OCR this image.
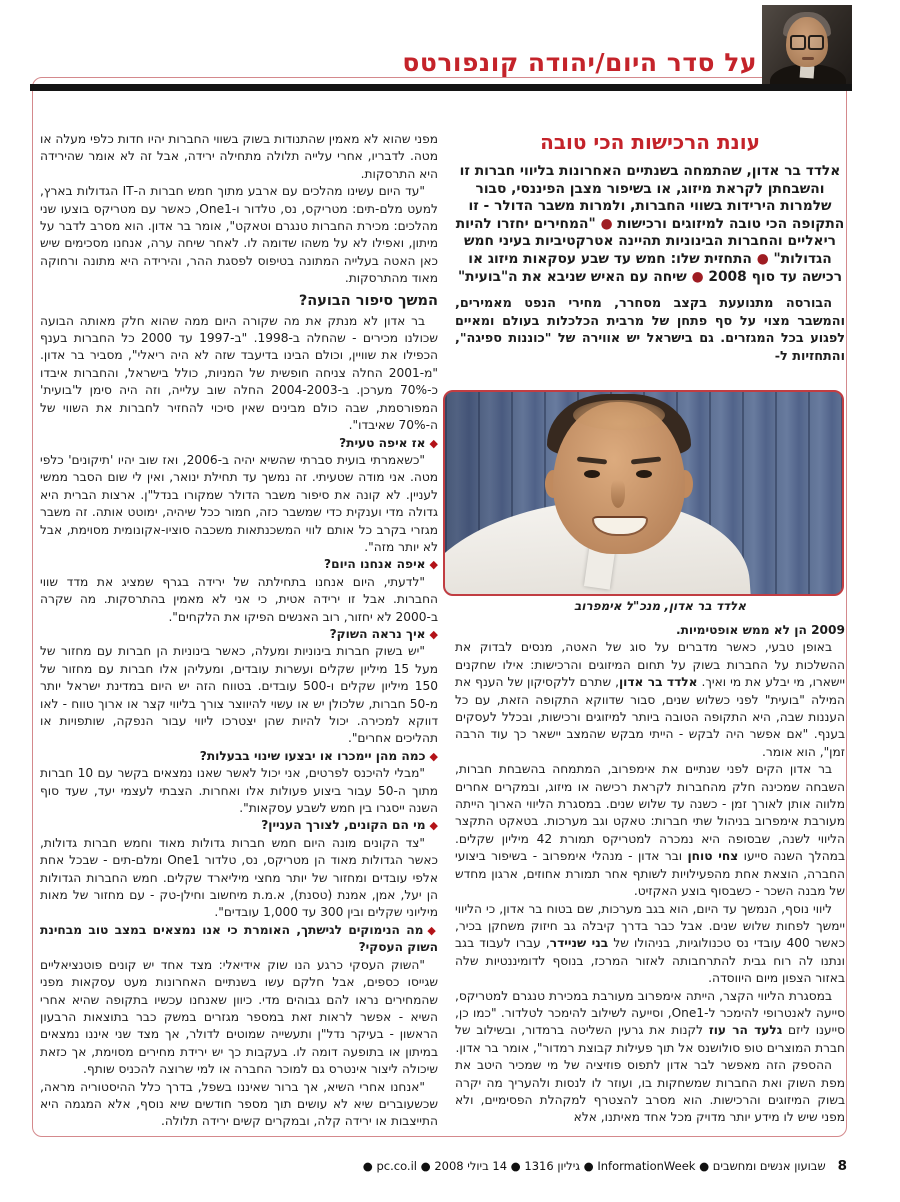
על סדר היום/יהודה קונפורטס
עונת הרכישות הכי טובה

אלדד בר אדון, שהתמחה בשנתיים האחרונות בליווי חברות זו והשבחתן לקראת מיזוג, או בשיפור מצבן הפיננסי, סבור שלמרות הירידות בשווי החברות, ולמרות משבר הדולר - זו התקופה הכי טובה למיזוגים ורכישות ● "המחירים יחזרו להיות ריאליים והחברות הבינוניות תהיינה אטרקטיביות בעיני חמש הגדולות" ● התחזית שלו: חמש עד שבע עסקאות מיזוג או רכישה עד סוף 2008 ● שיחה עם האיש שניבא את ה"בועית"

הבורסה מתנועעת בקצב מסחרר, מחירי הנפט מאמירים, והמשבר מצוי על סף פתחן של מרבית הכלכלות בעולם ומאיים לפגוע בכל המגזרים. גם בישראל יש אווירה של "כוננות ספיגה", והתחזיות ל-

אלדד בר אדון, מנכ"ל אימפרוב

2009 הן לא ממש אופטימיות.

באופן טבעי, כאשר מדברים על סוג של האטה, מנסים לבדוק את ההשלכות על החברות בשוק על תחום המיזוגים והרכישות: אילו שחקנים יישארו, מי יבלע את מי ואיך. אלדד בר אדון, שתרם ללקסיקון של הענף את המילה "בועית" לפני כשלוש שנים, סבור שדווקא התקופה הזאת, עם כל העננות שבה, היא התקופה הטובה ביותר למיזוגים ורכישות, ובכלל לעסקים בענף. "אם אפשר היה לבקש - הייתי מבקש שהמצב יישאר כך עוד הרבה זמן", הוא אומר.

בר אדון הקים לפני שנתיים את אימפרוב, המתמחה בהשבחת חברות, השבחה שמכינה חלק מהחברות לקראת רכישה או מיזוג, ובמקרים אחרים מלווה אותן לאורך זמן - כשנה עד שלוש שנים. במסגרת הליווי הארוך הייתה מעורבת אימפרוב בניהול שתי חברות: טאקט וגב מערכות. בטאקט התקצר הליווי לשנה, שבסופה היא נמכרה למטריקס תמורת 42 מיליון שקלים. במהלך השנה סייעו צחי טוחן ובר אדון - מנהלי אימפרוב - בשיפור ביצועי החברה, הוצאת אחת מהפעילויות לשותף אחר תמורת אחוזים, ארגון מחדש של מבנה השכר - כשבסוף בוצע האקזיט.

ליווי נוסף, הנמשך עד היום, הוא בגב מערכות, שם בטוח בר אדון, כי הליווי יימשך לפחות שלוש שנים. אבל כבר בדרך קיבלה גב חיזוק משחקן בכיר, כאשר 400 עובדי נס טכנולוגיות, בניהולו של בני שניידר, עברו לעבוד בגב ונתנו לה רוח גבית להתרחבותה לאזור המרכז, בנוסף לדומיננטיות שלה באזור הצפון מיום היווסדה.

במסגרת הליווי הקצר, הייתה אימפרוב מעורבת במכירת טנגרם למטריקס, סייעה לאנטרופי להימכר ל-One1, וסייעה לשילוב להימכר לטלדור. "כמו כן, סייענו ליזם גלעד הר עוז לקנות את גרעין השליטה ברמדור, ובשילוב של חברת המוצרים טופ סולושנס אל תוך פעילות קבוצת רמדור", אומר בר אדון.

ההספק הזה מאפשר לבר אדון לתפוס פוזיציה של מי שמכיר היטב את מפת השוק ואת החברות שמשחקות בו, ועוזר לו לנסות ולהעריך מה יקרה בשוק המיזוגים והרכישות. הוא מסרב להצטרף למקהלת הפסימיים, ולא מפני שיש לו מידע יותר מדויק מכל אחד מאיתנו, אלא

מפני שהוא לא מאמין שהתנודות בשוק בשווי החברות יהיו חדות כלפי מעלה או מטה. לדבריו, אחרי עלייה תלולה מתחילה ירידה, אבל זה לא אומר שהירידה היא התרסקות.

"עד היום עשינו מהלכים עם ארבע מתוך חמש חברות ה-IT הגדולות בארץ, למעט מלם-תים: מטריקס, נס, טלדור ו-One1, כאשר עם מטריקס בוצעו שני מהלכים: מכירת החברות טנגרם וטאקט", אומר בר אדון. הוא מסרב לדבר על מיתון, ואפילו לא על משהו שדומה לו. לאחר שיחה ערה, אנחנו מסכימים שיש כאן האטה בעלייה המתונה בטיפוס לפסגת ההר, והירידה היא מתונה ורחוקה מאוד מהתרסקות.

המשך סיפור הבועה?

בר אדון לא מנתק את מה שקורה היום ממה שהוא חלק מאותה הבועה שכולנו מכירים - שהחלה ב-1998. "ב-1997 עד 2000 כל החברות בענף הכפילו את שוויין, וכולם הבינו בדיעבד שזה לא היה ריאלי", מסביר בר אדון. "מ-2001 החלה צניחה חופשית של המניות, כולל בישראל, והחברות איבדו כ-70% מערכן. ב-2004-2003 החלה שוב עלייה, וזה היה סימן ל'בועית' המפורסמת, שבה כולם מבינים שאין סיכוי להחזיר לחברות את השווי של ה-70% שאיבדו".

◆אז איפה טעית?

"כשאמרתי בועית סברתי שהשיא יהיה ב-2006, ואז שוב יהיו 'תיקונים' כלפי מטה. אני מודה שטעיתי. זה נמשך עד תחילת ינואר, ואין לי שום הסבר ממשי לעניין. לא קונה את סיפור משבר הדולר שמקורו בנדל"ן. ארצות הברית היא גדולה מדי וענקית כדי שמשבר כזה, חמור ככל שיהיה, ימוטט אותה. זה משבר מגזרי בקרב כל אותם לווי המשכנתאות משכבה סוציו-אקונומית מסוימת, אבל לא יותר מזה".

◆איפה אנחנו היום?

"לדעתי, היום אנחנו בתחילתה של ירידה בגרף שמציג את מדד שווי החברות. אבל זו ירידה אטית, כי אני לא מאמין בהתרסקות. מה שקרה ב-2000 לא יחזור, רוב האנשים הפיקו את הלקחים".

◆איך נראה השוק?

"יש בשוק חברות בינוניות ומעלה, כאשר בינוניות הן חברות עם מחזור של מעל 15 מיליון שקלים ועשרות עובדים, ומעליהן אלו חברות עם מחזור של 150 מיליון שקלים ו-500 עובדים. בטווח הזה יש היום במדינת ישראל יותר מ-50 חברות, שלכולן יש או עשוי להיווצר צורך בליווי קצר או ארוך טווח - לאו דווקא למכירה. יכול להיות שהן יצטרכו ליווי עבור הנפקה, שותפויות או תהליכים אחרים".

◆כמה מהן יימכרו או יבצעו שינוי בבעלות?

"מבלי להיכנס לפרטים, אני יכול לאשר שאנו נמצאים בקשר עם 10 חברות מתוך ה-50 עבור ביצוע פעולות אלו ואחרות. הצבתי לעצמי יעד, שעד סוף השנה ייסגרו בין חמש לשבע עסקאות".

◆מי הם הקונים, לצורך העניין?

"צד הקונים מונה היום חמש חברות גדולות מאוד וחמש חברות גדולות, כאשר הגדולות מאוד הן מטריקס, נס, טלדור One1 ומלם-תים - שבכל אחת אלפי עובדים ומחזור של יותר מחצי מיליארד שקלים. חמש החברות הגדולות הן יעל, אמן, אמנת (טסנת), א.מ.ת מיחשוב וחילן-טק - עם מחזור של מאות מיליוני שקלים ובין 300 עד 1,000 עובדים".

◆מה הנימוקים לגישתך, האומרת כי אנו נמצאים במצב טוב מבחינת השוק העסקי?

"השוק העסקי כרגע הנו שוק אידיאלי: מצד אחד יש קונים פוטנציאליים שגייסו כספים, אבל חלקם עשו בשנתיים האחרונות מעט עסקאות מפני שהמחירים נראו להם גבוהים מדי. כיוון שאנחנו עכשיו בתקופה שהיא אחרי השיא - אפשר לראות זאת במספר מגזרים במשק כבר בתוצאות הרבעון הראשון - בעיקר נדל"ן ותעשייה שמוטים לדולר, אך מצד שני איננו נמצאים במיתון או בתופעה דומה לו. בעקבות כך יש ירידת מחירים מסוימת, אך כזאת שיכולה ליצור אינטרס גם למוכר החברה או למי שרוצה להכניס שותף.

"אנחנו אחרי השיא, אך ברור שאיננו בשפל, בדרך כלל ההיסטוריה מראה, שכשעוברים שיא לא עושים תוך מספר חודשים שיא נוסף, אלא המגמה היא התייצבות או ירידה קלה, ובמקרים קשים ירידה תלולה.

8שבועון אנשים ומחשבים ● InformationWeek ● גיליון 1316 ● 14 ביולי 2008 ● pc.co.il ●
